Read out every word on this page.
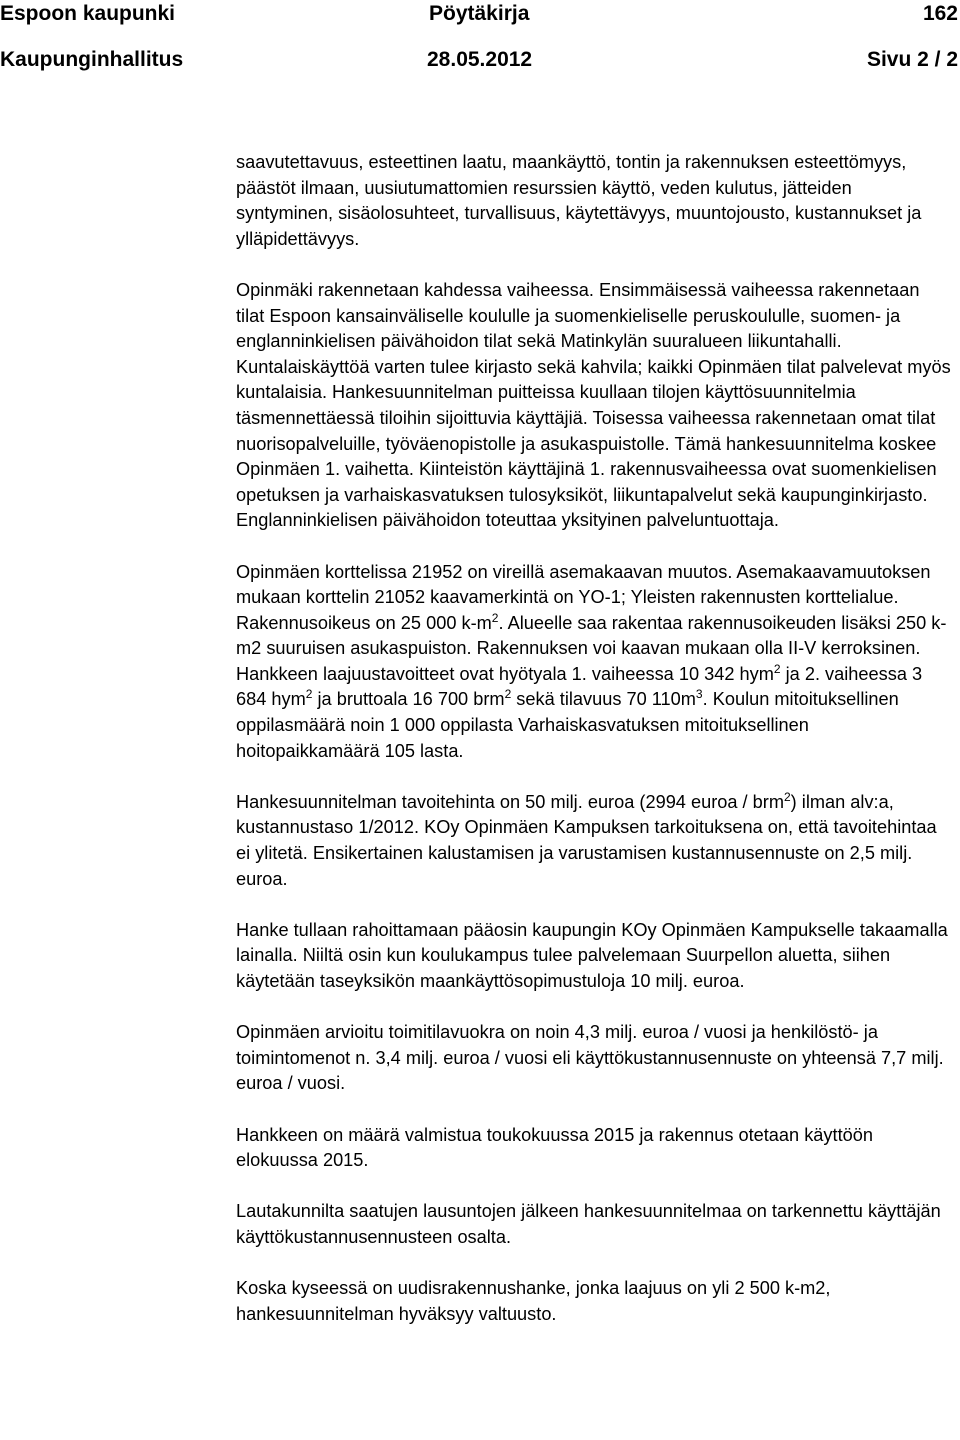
Espoon kaupunki	Pöytäkirja	162
Kaupunginhallitus	28.05.2012	Sivu 2 / 2

saavutettavuus, esteettinen laatu, maankäyttö, tontin ja rakennuksen esteettömyys, päästöt ilmaan, uusiutumattomien resurssien käyttö, veden kulutus, jätteiden syntyminen, sisäolosuhteet, turvallisuus, käytettävyys, muuntojousto, kustannukset ja ylläpidettävyys.

Opinmäki rakennetaan kahdessa vaiheessa. Ensimmäisessä vaiheessa rakennetaan tilat Espoon kansainväliselle koululle ja suomenkieliselle peruskoululle, suomen- ja englanninkielisen päivähoidon tilat sekä Matinkylän suuralueen liikuntahalli. Kuntalaiskäyttöä varten tulee kirjasto sekä kahvila; kaikki Opinmäen tilat palvelevat myös kuntalaisia. Hankesuunnitelman puitteissa kuullaan tilojen käyttösuunnitelmia täsmennettäessä tiloihin sijoittuvia käyttäjiä. Toisessa vaiheessa rakennetaan omat tilat nuorisopalveluille, työväenopistolle ja asukaspuistolle. Tämä hankesuunnitelma koskee Opinmäen 1. vaihetta. Kiinteistön käyttäjinä 1. rakennusvaiheessa ovat suomenkielisen opetuksen ja varhaiskasvatuksen tulosyksiköt, liikuntapalvelut sekä kaupunginkirjasto. Englanninkielisen päivähoidon toteuttaa yksityinen palveluntuottaja.

Opinmäen korttelissa 21952 on vireillä asemakaavan muutos. Asemakaavamuutoksen mukaan korttelin 21052 kaavamerkintä on YO-1; Yleisten rakennusten korttelialue. Rakennusoikeus on 25 000 $k-m^2$. Alueelle saa rakentaa rakennusoikeuden lisäksi 250 k-m2 suuruisen asukaspuiston. Rakennuksen voi kaavan mukaan olla II-V kerroksinen. Hankkeen laajuustavoitteet ovat hyötyala 1. vaiheessa 10 342 hym$^2$ ja 2. vaiheessa 3 684 hym$^2$ ja bruttoala 16 700 brm$^2$ sekä tilavuus 70 $110m^3$. Koulun mitoituksellinen oppilasmäärä noin 1 000 oppilasta Varhaiskasvatuksen mitoituksellinen hoitopaikkamäärä 105 lasta.

Hankesuunnitelman tavoitehinta on 50 milj. euroa (2994 euroa / brm$^2$) ilman alv:a, kustannustaso 1/2012. KOy Opinmäen Kampuksen tarkoituksena on, että tavoitehintaa ei ylitetä. Ensikertainen kalustamisen ja varustamisen kustannusennuste on 2,5 milj. euroa.

Hanke tullaan rahoittamaan pääosin kaupungin KOy Opinmäen Kampukselle takaamalla lainalla. Niiltä osin kun koulukampus tulee palvelemaan Suurpellon aluetta, siihen käytetään taseyksikön maankäyttösopimustuloja 10 milj. euroa.

Opinmäen arvioitu toimitilavuokra on noin 4,3 milj. euroa / vuosi ja henkilöstö- ja toimintomenot n. 3,4 milj. euroa / vuosi eli käyttökustannusennuste on yhteensä 7,7 milj. euroa / vuosi.

Hankkeen on määrä valmistua toukokuussa 2015 ja rakennus otetaan käyttöön elokuussa 2015.

Lautakunnilta saatujen lausuntojen jälkeen hankesuunnitelmaa on tarkennettu käyttäjän käyttökustannusennusteen osalta.

Koska kyseessä on uudisrakennushanke, jonka laajuus on yli 2 500 k-m2, hankesuunnitelman hyväksyy valtuusto.
